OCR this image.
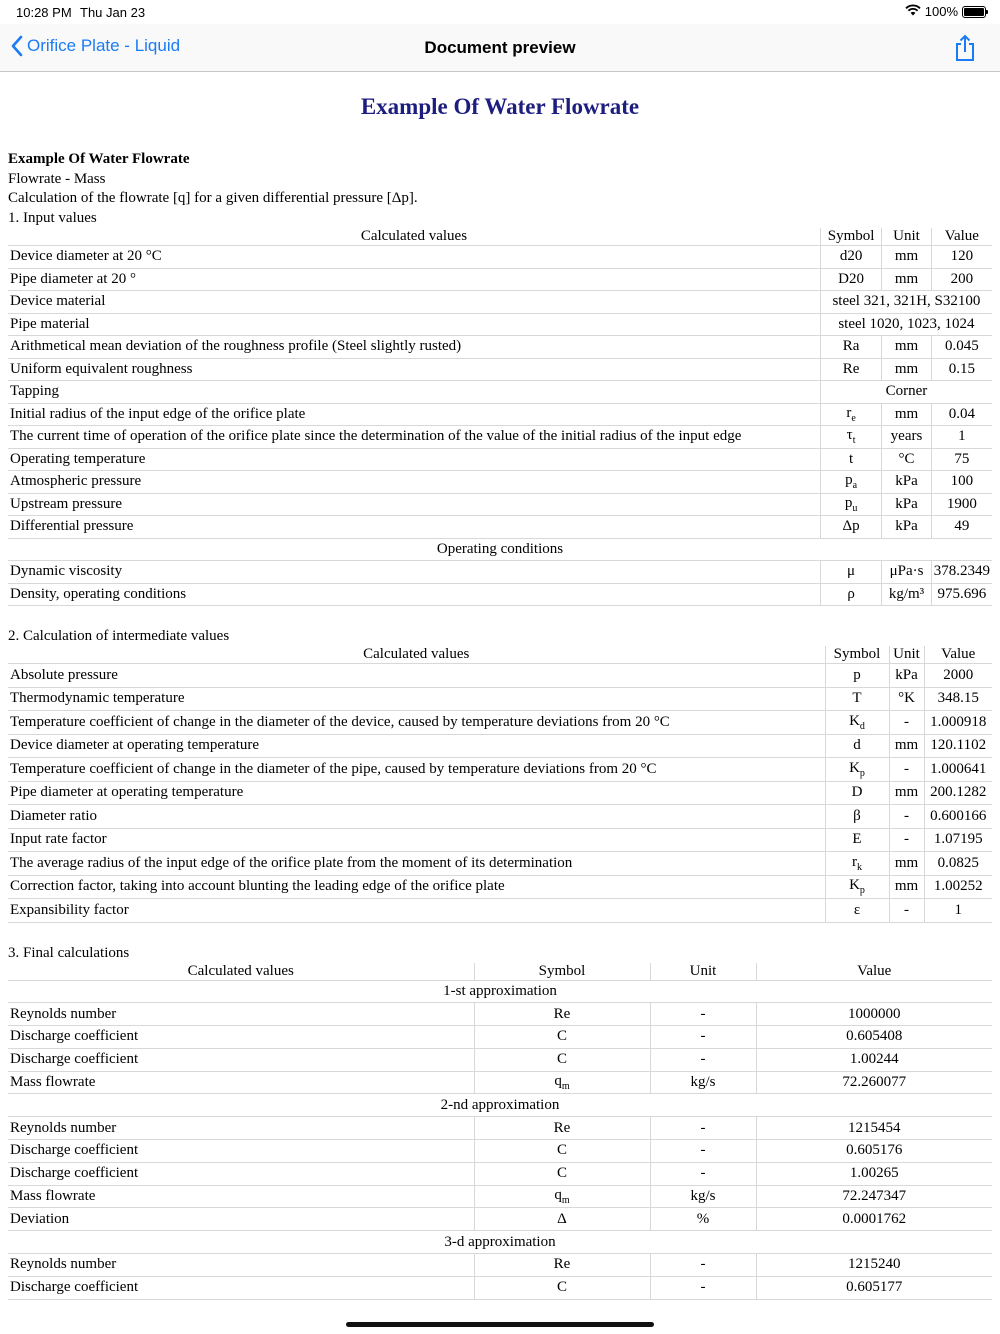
10:28 PM Thu Jan 23	100%
Orifice Plate - Liquid	Document preview
Example Of Water Flowrate
Example Of Water Flowrate
Flowrate - Mass
Calculation of the flowrate [q] for a given differential pressure [Δp].
1. Input values
Calculated values	Symbol	Unit	Value
Device diameter at 20 °C	d20	mm	120
Pipe diameter at 20 °	D20	mm	200
Device material	steel 321, 321H, S32100		
Pipe material	steel 1020, 1023, 1024		
Arithmetical mean deviation of the roughness profile (Steel slightly rusted)	Ra	mm	0.045
Uniform equivalent roughness	Re	mm	0.15
Tapping	Corner		
Initial radius of the input edge of the orifice plate	$r_e$	mm	0.04
The current time of operation of the orifice plate since the determination of the value of the initial radius of the input edge	$\tau_t$	years	1
Operating temperature	t	°C	75
Atmospheric pressure	$p_a$	kPa	100
Upstream pressure	$p_u$	kPa	1900
Differential pressure	Δp	kPa	49
Operating conditions			
Dynamic viscosity	μ	μPa·s	378.2349
Density, operating conditions	ρ	kg/m³	975.696
2. Calculation of intermediate values
Calculated values	Symbol	Unit	Value
Absolute pressure	p	kPa	2000
Thermodynamic temperature	T	°K	348.15
Temperature coefficient of change in the diameter of the device, caused by temperature deviations from 20 °C	$K_d$	-	1.000918
Device diameter at operating temperature	d	mm	120.1102
Temperature coefficient of change in the diameter of the pipe, caused by temperature deviations from 20 °C	$K_p$	-	1.000641
Pipe diameter at operating temperature	D	mm	200.1282
Diameter ratio	β	-	0.600166
Input rate factor	E	-	1.07195
The average radius of the input edge of the orifice plate from the moment of its determination	$r_k$	mm	0.0825
Correction factor, taking into account blunting the leading edge of the orifice plate	$K_p$	mm	1.00252
Expansibility factor	ε	-	1
3. Final calculations
Calculated values	Symbol	Unit	Value
1-st approximation			
Reynolds number	Re	-	1000000
Discharge coefficient	C	-	0.605408
Discharge coefficient	C	-	1.00244
Mass flowrate	$q_m$	kg/s	72.260077
2-nd approximation			
Reynolds number	Re	-	1215454
Discharge coefficient	C	-	0.605176
Discharge coefficient	C	-	1.00265
Mass flowrate	$q_m$	kg/s	72.247347
Deviation	Δ	%	0.0001762
3-d approximation			
Reynolds number	Re	-	1215240
Discharge coefficient	C	-	0.605177
